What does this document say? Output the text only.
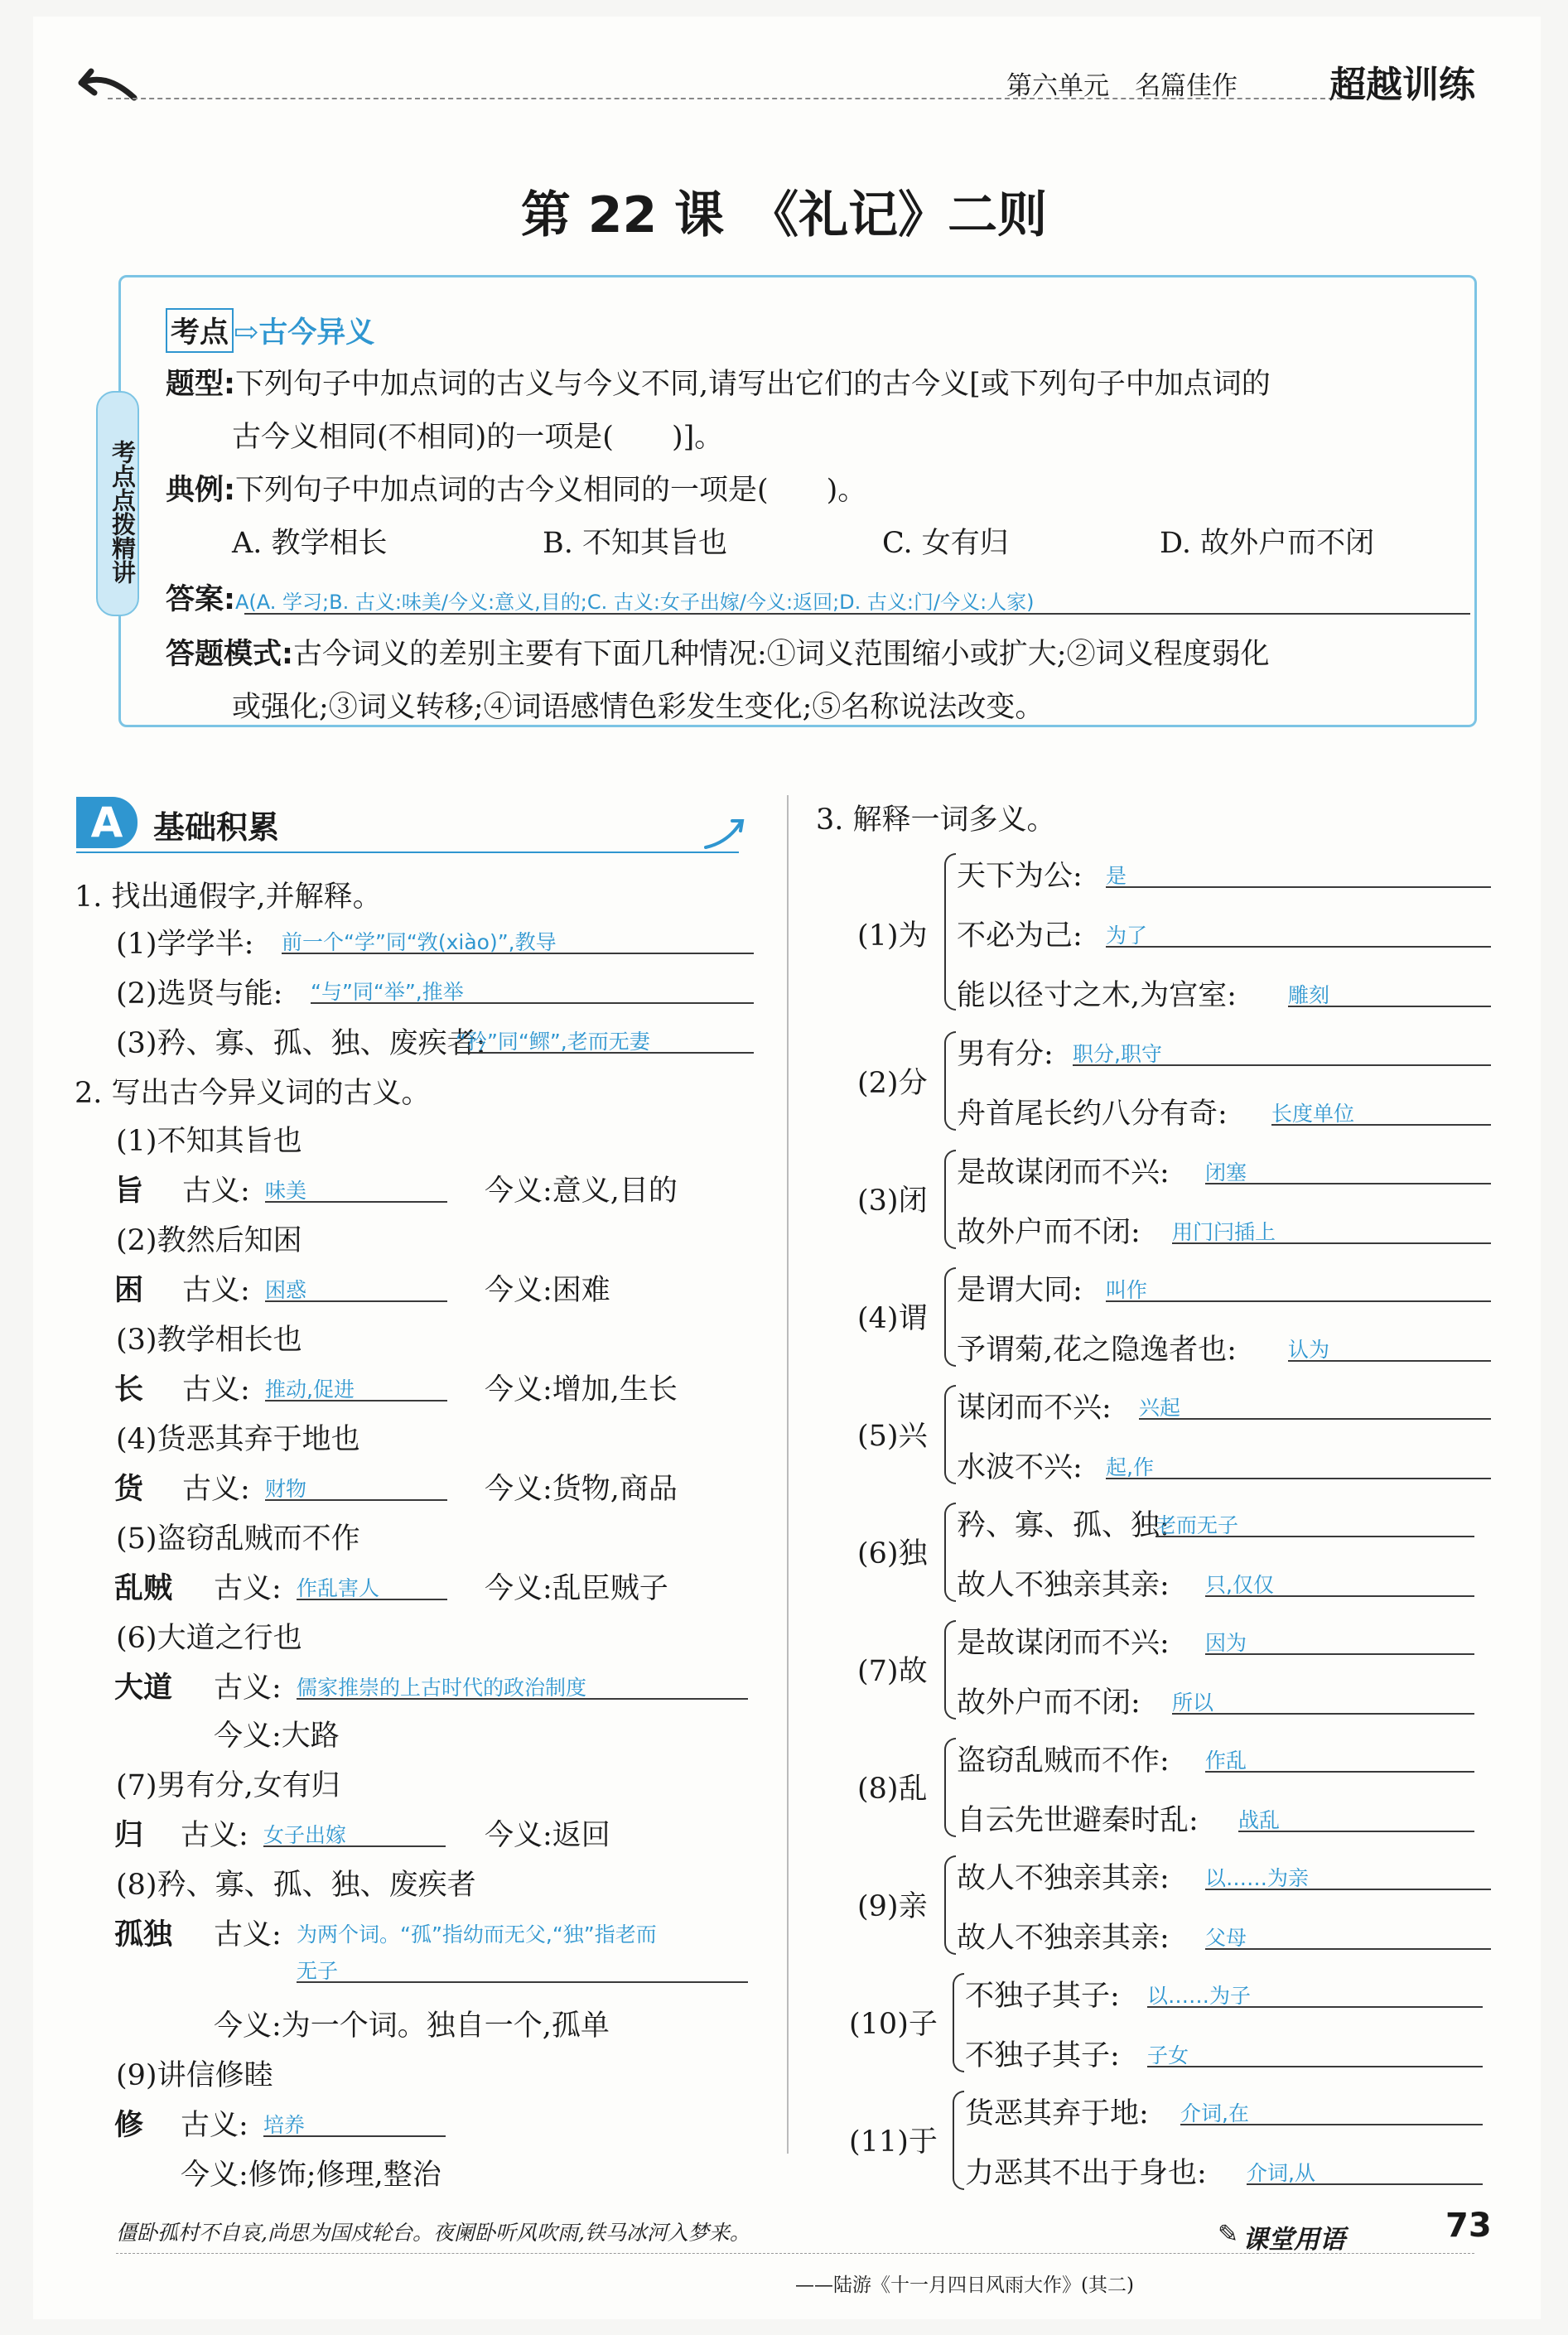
第六单元　名篇佳作	超越训练
第 22 课　《礼记》二则
考点点拨精讲
考点 ⇨古今异义
题型:下列句子中加点词的古义与今义不同,请写出它们的古今义[或下列句子中加点词的
古今义相同(不相同)的一项是(　　)]。
典例:下列句子中加点词的古今义相同的一项是(　　)。
A. 教学相长	B. 不知其旨也	C. 女有归	D. 故外户而不闭
答案:A(A. 学习;B. 古义:味美/今义:意义,目的;C. 古义:女子出嫁/今义:返回;D. 古义:门/今义:人家)
答题模式:古今词义的差别主要有下面几种情况:①词义范围缩小或扩大;②词义程度弱化
或强化;③词义转移;④词语感情色彩发生变化;⑤名称说法改变。
A 基础积累
1. 找出通假字,并解释。
(1)学学半: 前一个“学”同“敩(xiào)”,教导
(2)选贤与能: “与”同“举”,推举
(3)矜、寡、孤、独、废疾者:
“矜”同“鳏”,老而无妻
2. 写出古今异义词的古义。
(1)不知其旨也
旨 古义: 味美	今义:意义,目的
(2)教然后知困
困 古义: 困惑	今义:困难
(3)教学相长也
长 古义: 推动,促进	今义:增加,生长
(4)货恶其弃于地也
货 古义: 财物	今义:货物,商品
(5)盗窃乱贼而不作
乱贼 古义: 作乱害人	今义:乱臣贼子
(6)大道之行也
大道 古义: 儒家推崇的上古时代的政治制度
今义:大路
(7)男有分,女有归
归 古义: 女子出嫁	今义:返回
(8)矜、寡、孤、独、废疾者
孤独 古义: 为两个词。“孤”指幼而无父,“独”指老而
无子
今义:为一个词。独自一个,孤单
(9)讲信修睦
修 古义: 培养
今义:修饰;修理,整治
3. 解释一词多义。
(1)为
天下为公: 是
不必为己: 为了
能以径寸之木,为宫室: 雕刻
(2)分
男有分: 职分,职守
舟首尾长约八分有奇: 长度单位
(3)闭
是故谋闭而不兴: 闭塞
故外户而不闭: 用门闩插上
(4)谓
是谓大同: 叫作
予谓菊,花之隐逸者也: 认为
(5)兴
谋闭而不兴: 兴起
水波不兴: 起,作
(6)独
矜、寡、孤、独:
老而无子
故人不独亲其亲: 只,仅仅
(7)故
是故谋闭而不兴: 因为
故外户而不闭: 所以
(8)乱
盗窃乱贼而不作: 作乱
自云先世避秦时乱: 战乱
(9)亲
故人不独亲其亲: 以……为亲
故人不独亲其亲: 父母
(10)子
不独子其子: 以……为子
不独子其子: 子女
(11)于
货恶其弃于地: 介词,在
力恶其不出于身也: 介词,从
僵卧孤村不自哀,尚思为国戍轮台。夜阑卧听风吹雨,铁马冰河入梦来。
——陆游《十一月四日风雨大作》(其二)
✎ 课堂用语	73
